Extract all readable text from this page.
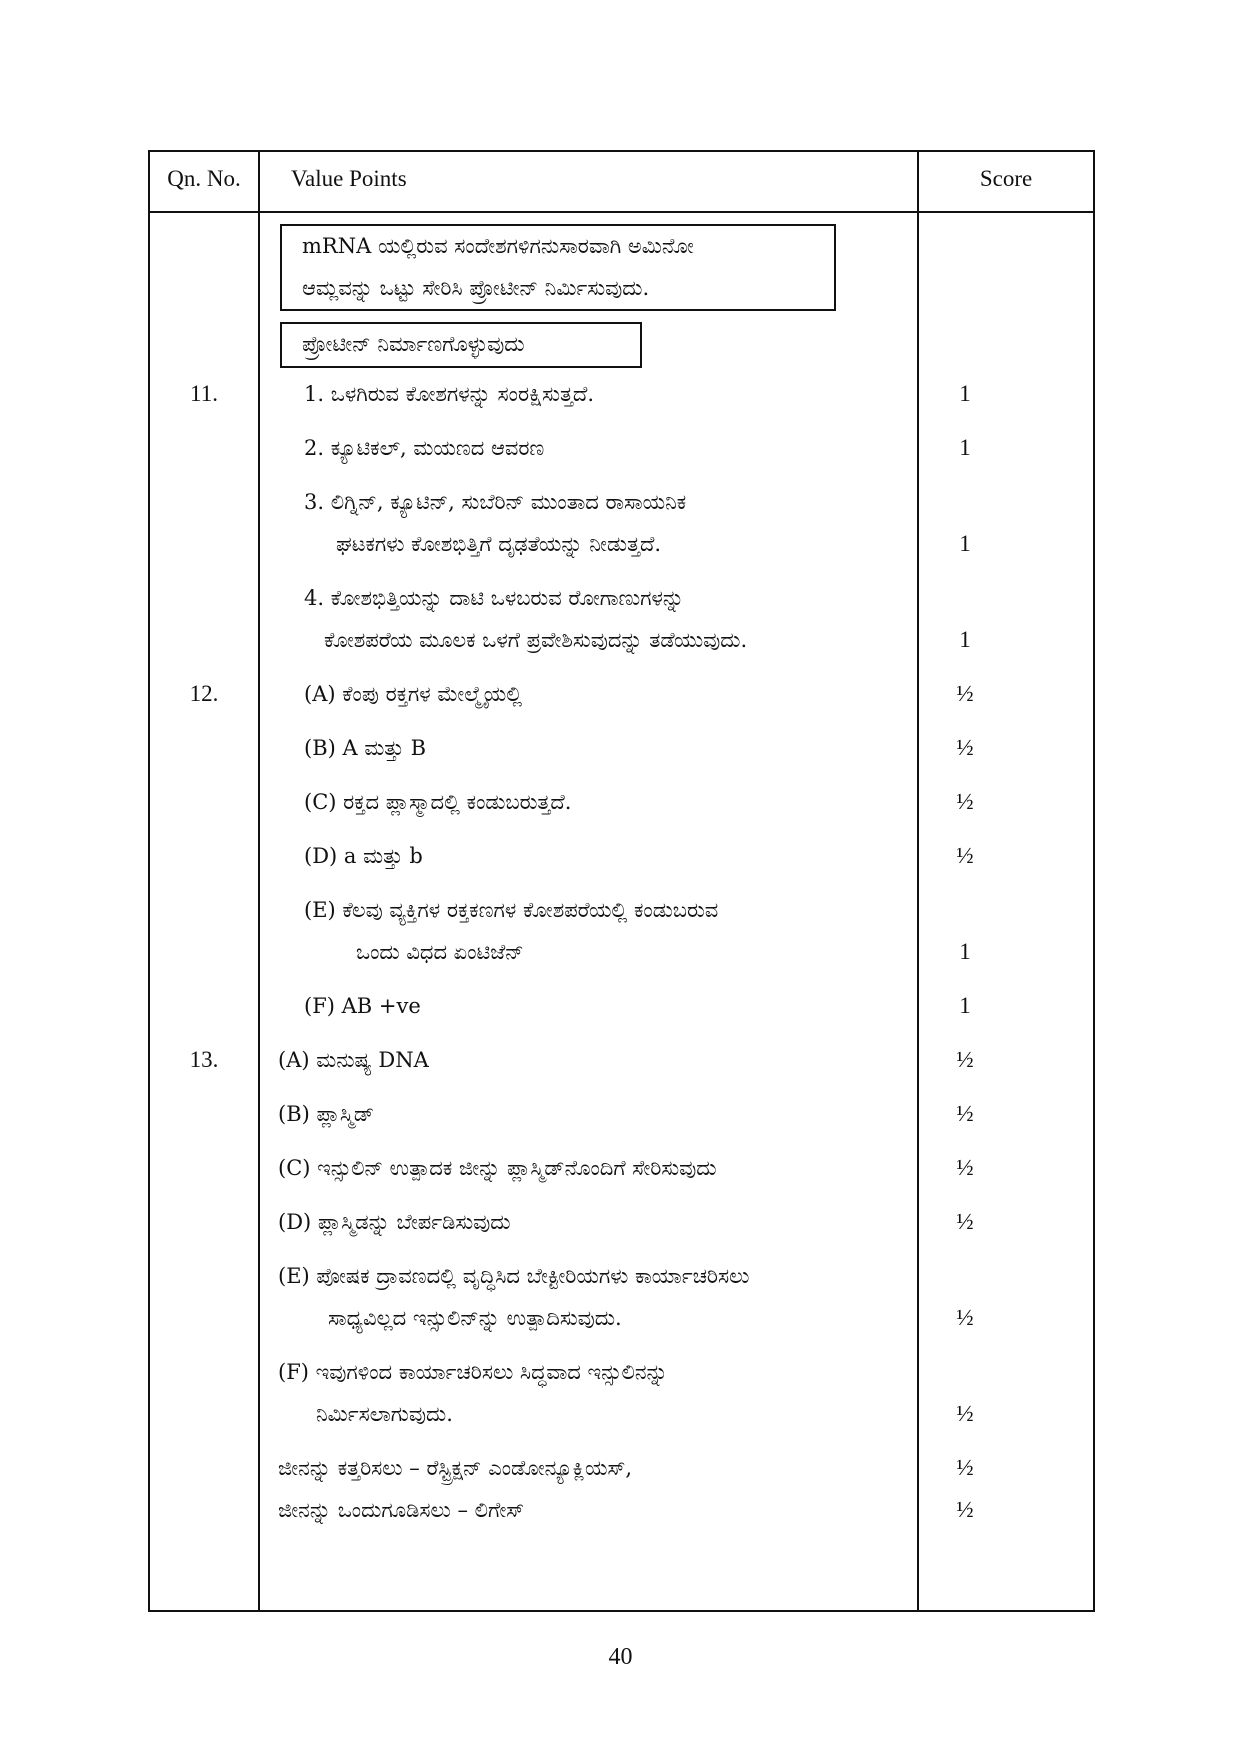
Qn. No.	Value Points	Score
mRNA ಯಲ್ಲಿರುವ ಸಂದೇಶಗಳಿಗನುಸಾರವಾಗಿ ಅಮಿನೋ
ಆಮ್ಲವನ್ನು ಒಟ್ಟು ಸೇರಿಸಿ ಪ್ರೋಟೀನ್ ನಿರ್ಮಿಸುವುದು.
ಪ್ರೋಟೀನ್ ನಿರ್ಮಾಣಗೊಳ್ಳುವುದು
11.	1. ಒಳಗಿರುವ ಕೋಶಗಳನ್ನು ಸಂರಕ್ಷಿಸುತ್ತದೆ.	1
2. ಕ್ಯೂಟಿಕಲ್, ಮಯಣದ ಆವರಣ	1
3. ಲಿಗ್ನಿನ್, ಕ್ಯೂಟಿನ್, ಸುಬೆರಿನ್ ಮುಂತಾದ ರಾಸಾಯನಿಕ
ಘಟಕಗಳು ಕೋಶಭಿತ್ತಿಗೆ ದೃಢತೆಯನ್ನು ನೀಡುತ್ತದೆ.	1
4. ಕೋಶಭಿತ್ತಿಯನ್ನು ದಾಟಿ ಒಳಬರುವ ರೋಗಾಣುಗಳನ್ನು
ಕೋಶಪರೆಯ ಮೂಲಕ ಒಳಗೆ ಪ್ರವೇಶಿಸುವುದನ್ನು ತಡೆಯುವುದು.	1
12.	(A) ಕೆಂಪು ರಕ್ತಗಳ ಮೇಲ್ಮೈಯಲ್ಲಿ	½
(B) A ಮತ್ತು B	½
(C) ರಕ್ತದ ಪ್ಲಾಸ್ಮಾದಲ್ಲಿ ಕಂಡುಬರುತ್ತದೆ.	½
(D) a ಮತ್ತು b	½
(E) ಕೆಲವು ವ್ಯಕ್ತಿಗಳ ರಕ್ತಕಣಗಳ ಕೋಶಪರೆಯಲ್ಲಿ ಕಂಡುಬರುವ
ಒಂದು ವಿಧದ ಏಂಟಿಜೆನ್	1
(F) AB +ve	1
13.	(A) ಮನುಷ್ಯ DNA	½
(B) ಪ್ಲಾಸ್ಮಿಡ್	½
(C) ಇನ್ಸುಲಿನ್ ಉತ್ಪಾದಕ ಜೀನ್ನು ಪ್ಲಾಸ್ಮಿಡ್‌ನೊಂದಿಗೆ ಸೇರಿಸುವುದು	½
(D) ಪ್ಲಾಸ್ಮಿಡನ್ನು ಬೇರ್ಪಡಿಸುವುದು	½
(E) ಪೋಷಕ ದ್ರಾವಣದಲ್ಲಿ ವೃದ್ಧಿಸಿದ ಬೇಕ್ಟೀರಿಯಗಳು ಕಾರ್ಯಾಚರಿಸಲು
ಸಾಧ್ಯವಿಲ್ಲದ ಇನ್ಸುಲಿನ್‌ನ್ನು ಉತ್ಪಾದಿಸುವುದು.	½
(F) ಇವುಗಳಿಂದ ಕಾರ್ಯಾಚರಿಸಲು ಸಿದ್ಧವಾದ ಇನ್ಸುಲಿನನ್ನು
ನಿರ್ಮಿಸಲಾಗುವುದು.	½
ಜೀನನ್ನು ಕತ್ತರಿಸಲು – ರೆಸ್ಟ್ರಿಕ್ಷನ್ ಎಂಡೋನ್ಯೂಕ್ಲಿಯಸ್,	½
ಜೀನನ್ನು ಒಂದುಗೂಡಿಸಲು – ಲಿಗೇಸ್	½
40
